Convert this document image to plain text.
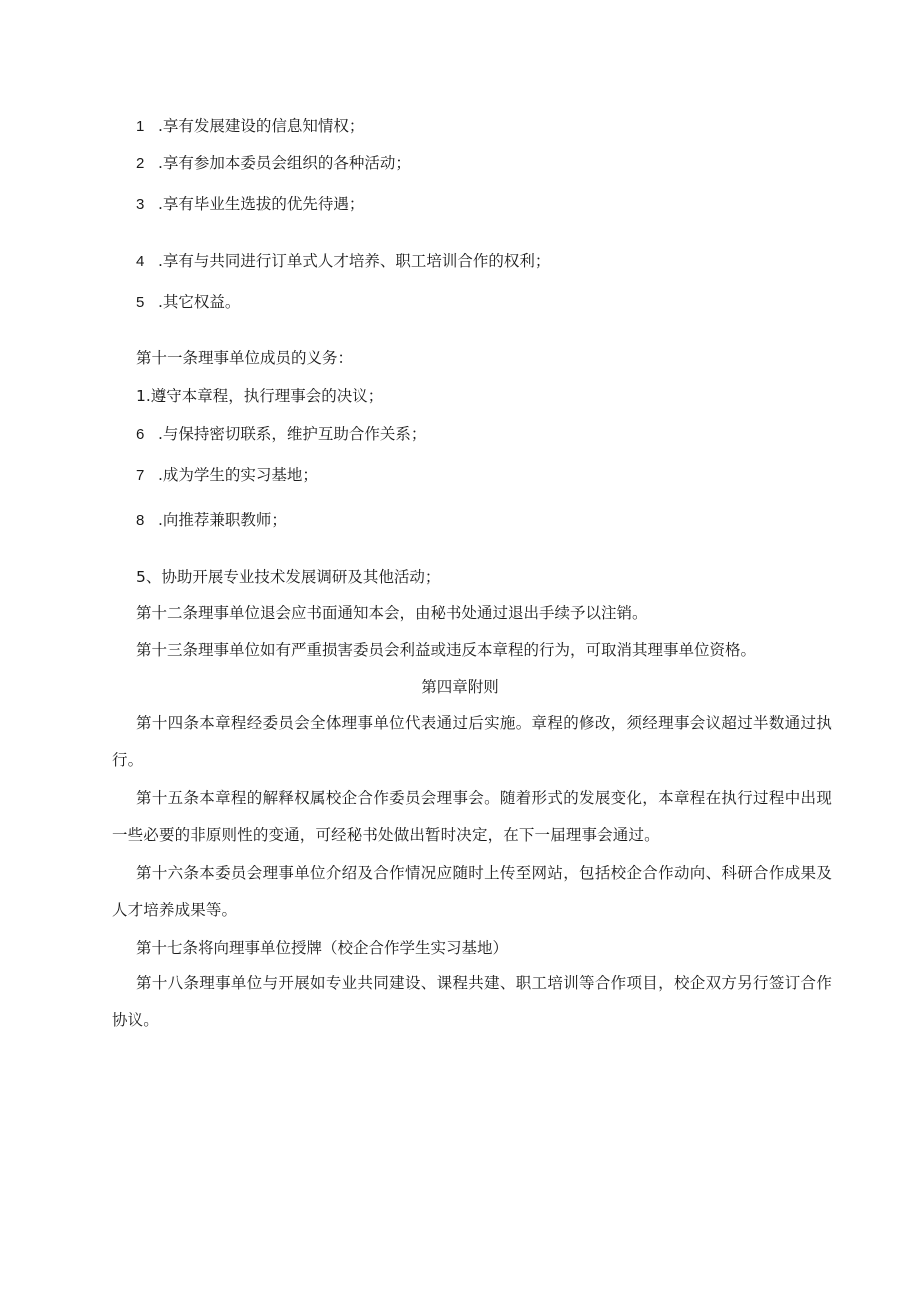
1 .享有发展建设的信息知情权；
2 .享有参加本委员会组织的各种活动；
3 .享有毕业生选拔的优先待遇；
4 .享有与共同进行订单式人才培养、职工培训合作的权利；
5 .其它权益。
第十一条理事单位成员的义务：
1.遵守本章程，执行理事会的决议；
6 .与保持密切联系，维护互助合作关系；
7 .成为学生的实习基地；
8 .向推荐兼职教师；
5、协助开展专业技术发展调研及其他活动；
第十二条理事单位退会应书面通知本会，由秘书处通过退出手续予以注销。
第十三条理事单位如有严重损害委员会利益或违反本章程的行为，可取消其理事单位资格。
第四章附则
第十四条本章程经委员会全体理事单位代表通过后实施。章程的修改，须经理事会议超过半数通过执行。
第十五条本章程的解释权属校企合作委员会理事会。随着形式的发展变化，本章程在执行过程中出现一些必要的非原则性的变通，可经秘书处做出暂时决定，在下一届理事会通过。
第十六条本委员会理事单位介绍及合作情况应随时上传至网站，包括校企合作动向、科研合作成果及人才培养成果等。
第十七条将向理事单位授牌（校企合作学生实习基地）
第十八条理事单位与开展如专业共同建设、课程共建、职工培训等合作项目，校企双方另行签订合作协议。
